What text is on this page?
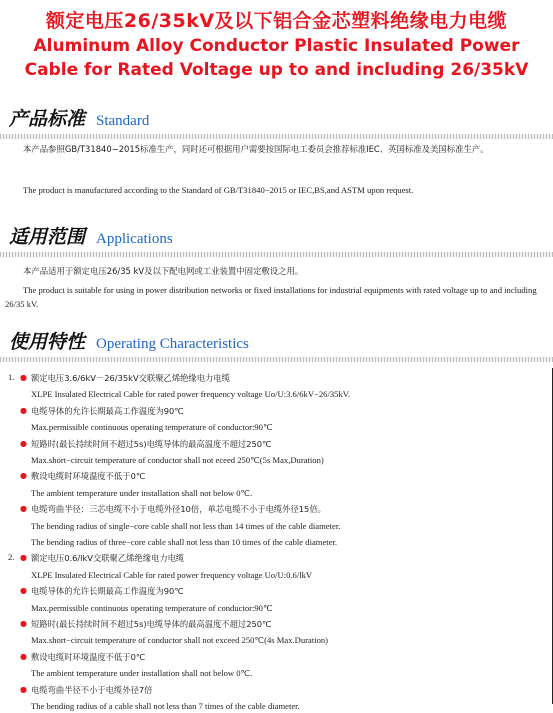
额定电压26/35kV及以下铝合金芯塑料绝缘电力电缆
Aluminum Alloy Conductor Plastic Insulated Power
Cable for Rated Voltage up to and including 26/35kV
产品标准 Standard
本产品参照GB/T31840−2015标准生产，同时还可根据用户需要按国际电工委员会推荐标准IEC、英国标准及美国标准生产。
The product is manufactured according to the Standard of GB/T31840−2015 or IEC,BS,and ASTM upon request.
适用范围 Applications
本产品适用于额定电压26/35 kV及以下配电网或工业装置中固定敷设之用。
The product is suitable for using in power distribution networks or fixed installations for industrial equipments with rated voltage up to and including 26/35 kV.
使用特性 Operating Characteristics
1. ● 额定电压3.6/6kV－26/35kV交联聚乙烯绝缘电力电缆
XLPE Insulated Electrical Cable for rated power frequency voltage Uo/U:3.6/6kV−26/35kV.
● 电缆导体的允许长期最高工作温度为90℃
Max.permissible continuous operating temperature of conductor:90℃
● 短路时(最长持续时间不超过5s)电缆导体的最高温度不超过250℃
Max.short−circuit temperature of conductor shall not eceed 250℃(5s Max,Duration)
● 敷设电缆时环境温度不低于0℃
The ambient temperature under installation shall not below 0℃.
● 电缆弯曲半径：三芯电缆不小于电缆外径10倍，单芯电缆不小于电缆外径15倍。
The bending radius of single−core cable shall not less than 14 times of the cable diameter.
The bending radius of three−core cable shall not less than 10 times of the cable diameter.
2. ● 额定电压0.6/lkV交联聚乙烯绝缘电力电缆
XLPE Insulated Electrical Cable for rated power frequency voltage Uo/U:0.6/lkV
● 电缆导体的允许长期最高工作温度为90℃
Max.permissible continuous operating temperature of conductor:90℃
● 短路时(最长持续时间不超过5s)电缆导体的最高温度不超过250℃
Max.short−circuit temperature of conductor shall not exceed 250℃(4s Max.Duration)
● 敷设电缆时环境温度不低于0℃
The ambient temperature under installation shall not below 0℃.
● 电缆弯曲半径不小于电缆外径7倍
The bending radius of a cable shall not less than 7 times of the cable diameter.
